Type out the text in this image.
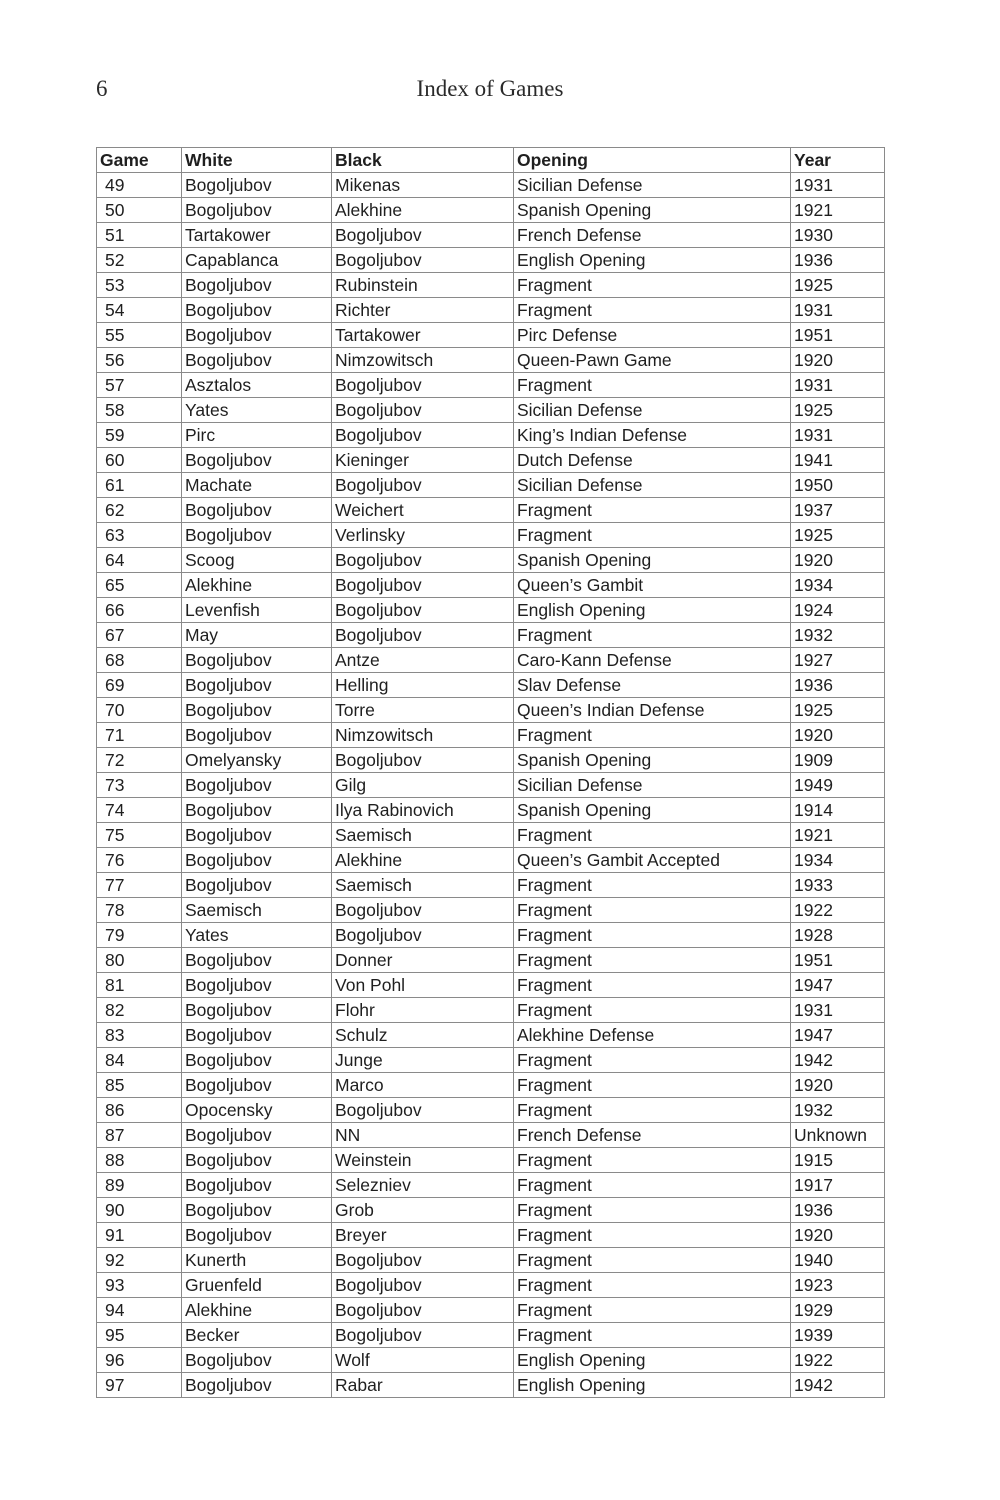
6	Index of Games
Game	White	Black	Opening	Year
49	Bogoljubov	Mikenas	Sicilian Defense	1931
50	Bogoljubov	Alekhine	Spanish Opening	1921
51	Tartakower	Bogoljubov	French Defense	1930
52	Capablanca	Bogoljubov	English Opening	1936
53	Bogoljubov	Rubinstein	Fragment	1925
54	Bogoljubov	Richter	Fragment	1931
55	Bogoljubov	Tartakower	Pirc Defense	1951
56	Bogoljubov	Nimzowitsch	Queen-Pawn Game	1920
57	Asztalos	Bogoljubov	Fragment	1931
58	Yates	Bogoljubov	Sicilian Defense	1925
59	Pirc	Bogoljubov	King’s Indian Defense	1931
60	Bogoljubov	Kieninger	Dutch Defense	1941
61	Machate	Bogoljubov	Sicilian Defense	1950
62	Bogoljubov	Weichert	Fragment	1937
63	Bogoljubov	Verlinsky	Fragment	1925
64	Scoog	Bogoljubov	Spanish Opening	1920
65	Alekhine	Bogoljubov	Queen’s Gambit	1934
66	Levenfish	Bogoljubov	English Opening	1924
67	May	Bogoljubov	Fragment	1932
68	Bogoljubov	Antze	Caro-Kann Defense	1927
69	Bogoljubov	Helling	Slav Defense	1936
70	Bogoljubov	Torre	Queen’s Indian Defense	1925
71	Bogoljubov	Nimzowitsch	Fragment	1920
72	Omelyansky	Bogoljubov	Spanish Opening	1909
73	Bogoljubov	Gilg	Sicilian Defense	1949
74	Bogoljubov	Ilya Rabinovich	Spanish Opening	1914
75	Bogoljubov	Saemisch	Fragment	1921
76	Bogoljubov	Alekhine	Queen’s Gambit Accepted	1934
77	Bogoljubov	Saemisch	Fragment	1933
78	Saemisch	Bogoljubov	Fragment	1922
79	Yates	Bogoljubov	Fragment	1928
80	Bogoljubov	Donner	Fragment	1951
81	Bogoljubov	Von Pohl	Fragment	1947
82	Bogoljubov	Flohr	Fragment	1931
83	Bogoljubov	Schulz	Alekhine Defense	1947
84	Bogoljubov	Junge	Fragment	1942
85	Bogoljubov	Marco	Fragment	1920
86	Opocensky	Bogoljubov	Fragment	1932
87	Bogoljubov	NN	French Defense	Unknown
88	Bogoljubov	Weinstein	Fragment	1915
89	Bogoljubov	Selezniev	Fragment	1917
90	Bogoljubov	Grob	Fragment	1936
91	Bogoljubov	Breyer	Fragment	1920
92	Kunerth	Bogoljubov	Fragment	1940
93	Gruenfeld	Bogoljubov	Fragment	1923
94	Alekhine	Bogoljubov	Fragment	1929
95	Becker	Bogoljubov	Fragment	1939
96	Bogoljubov	Wolf	English Opening	1922
97	Bogoljubov	Rabar	English Opening	1942
